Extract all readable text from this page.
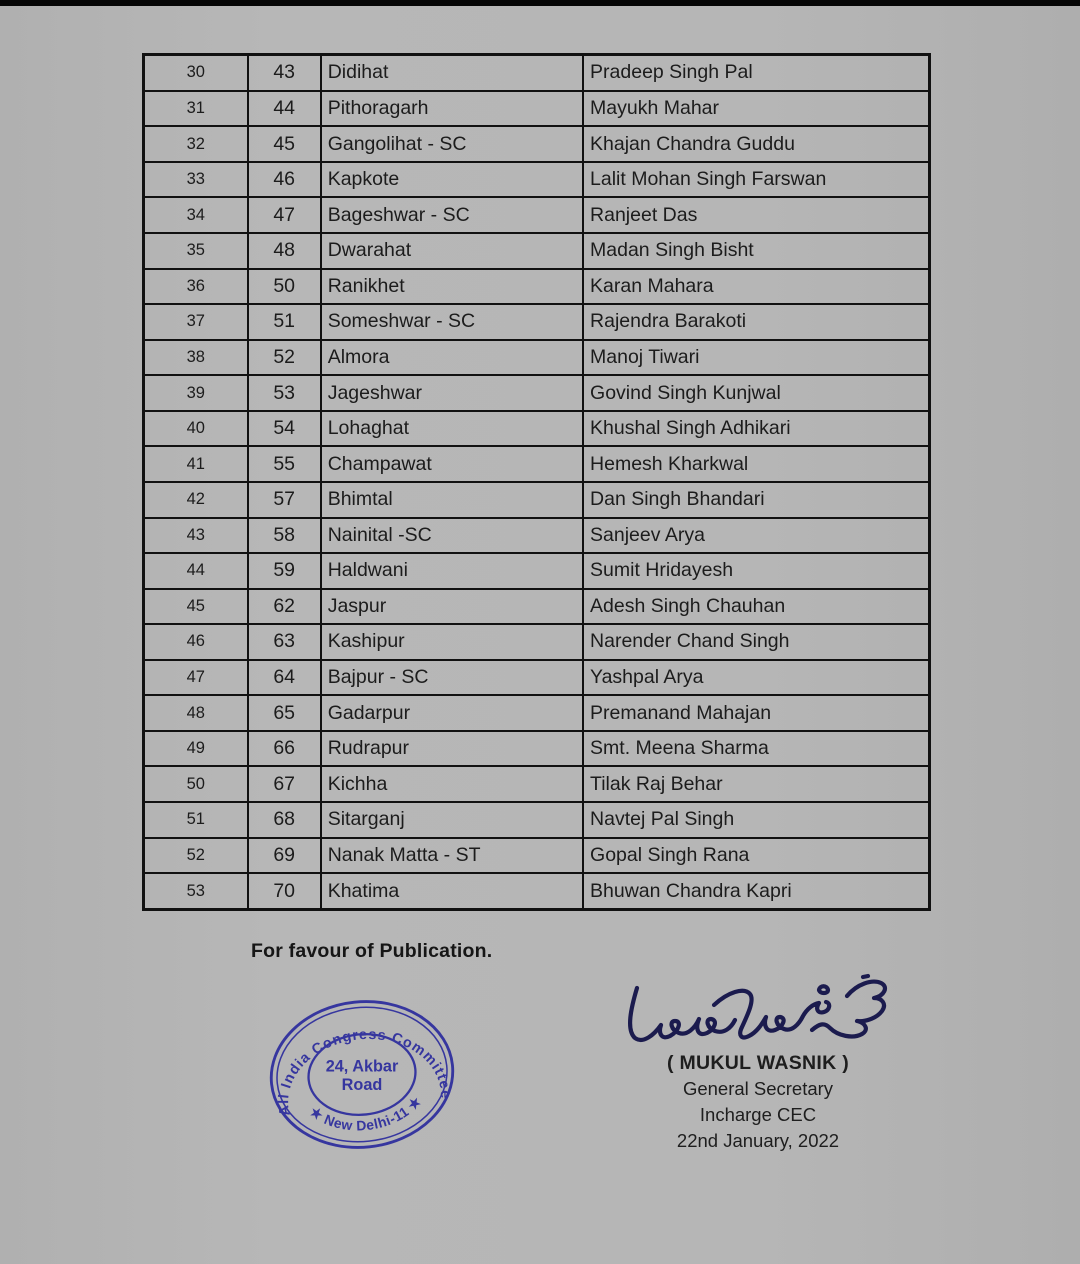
30	43	Didihat	Pradeep Singh Pal
31	44	Pithoragarh	Mayukh Mahar
32	45	Gangolihat - SC	Khajan Chandra Guddu
33	46	Kapkote	Lalit Mohan Singh Farswan
34	47	Bageshwar - SC	Ranjeet Das
35	48	Dwarahat	Madan Singh Bisht
36	50	Ranikhet	Karan Mahara
37	51	Someshwar - SC	Rajendra Barakoti
38	52	Almora	Manoj Tiwari
39	53	Jageshwar	Govind Singh Kunjwal
40	54	Lohaghat	Khushal Singh Adhikari
41	55	Champawat	Hemesh Kharkwal
42	57	Bhimtal	Dan Singh Bhandari
43	58	Nainital -SC	Sanjeev Arya
44	59	Haldwani	Sumit Hridayesh
45	62	Jaspur	Adesh Singh Chauhan
46	63	Kashipur	Narender Chand Singh
47	64	Bajpur - SC	Yashpal Arya
48	65	Gadarpur	Premanand Mahajan
49	66	Rudrapur	Smt. Meena Sharma
50	67	Kichha	Tilak Raj Behar
51	68	Sitarganj	Navtej Pal Singh
52	69	Nanak Matta - ST	Gopal Singh Rana
53	70	Khatima	Bhuwan Chandra Kapri
For favour of Publication.
All India Congress Committee
★ New Delhi-11 ★
24, Akbar
Road
( MUKUL WASNIK )
General Secretary
Incharge CEC
22nd January, 2022
